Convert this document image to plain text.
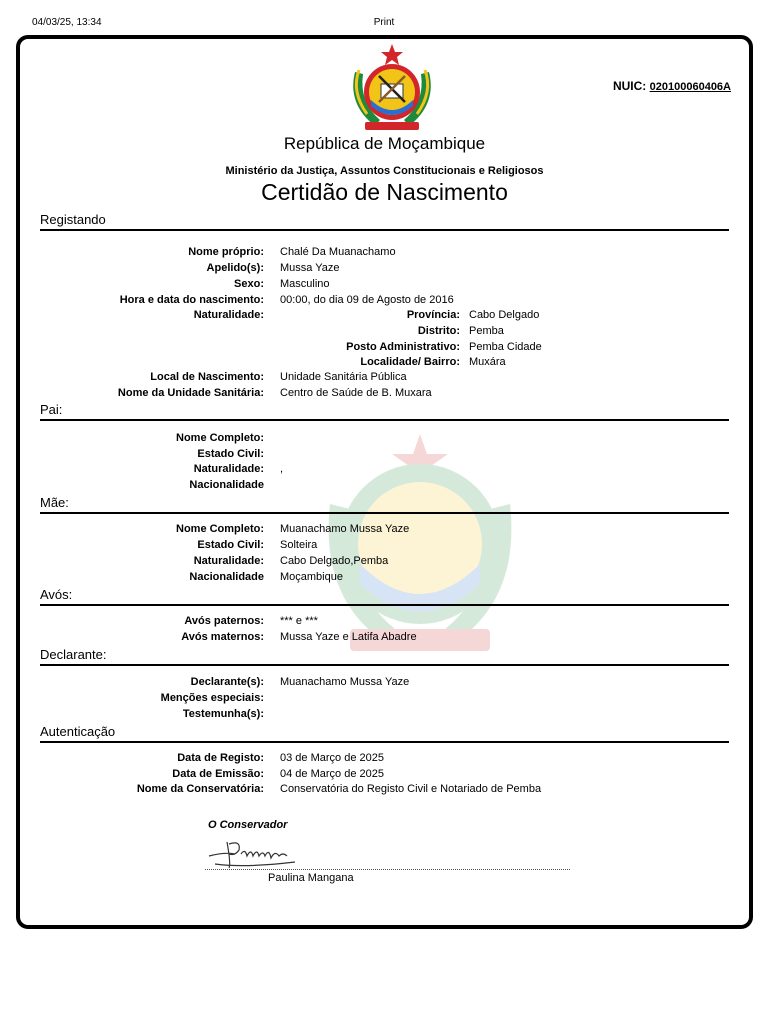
04/03/25, 13:34	Print
NUIC: 020100060406A
República de Moçambique
Ministério da Justiça, Assuntos Constitucionais e Religiosos
Certidão de Nascimento
Registando
Nome próprio: Chalé Da Muanachamo
Apelido(s): Mussa Yaze
Sexo: Masculino
Hora e data do nascimento: 00:00, do dia 09 de Agosto de 2016
Naturalidade:	Província: Cabo Delgado
Distrito: Pemba
Posto Administrativo: Pemba Cidade
Localidade/ Bairro: Muxára
Local de Nascimento: Unidade Sanitária Pública
Nome da Unidade Sanitária: Centro de Saúde de B. Muxara
Pai:
Nome Completo:
Estado Civil:
Naturalidade: ,
Nacionalidade
Mãe:
Nome Completo: Muanachamo Mussa Yaze
Estado Civil: Solteira
Naturalidade: Cabo Delgado,Pemba
Nacionalidade Moçambique
Avós:
Avós paternos: *** e ***
Avós maternos: Mussa Yaze e Latifa Abadre
Declarante:
Declarante(s): Muanachamo Mussa Yaze
Menções especiais:
Testemunha(s):
Autenticação
Data de Registo: 03 de Março de 2025
Data de Emissão: 04 de Março de 2025
Nome da Conservatória: Conservatória do Registo Civil e Notariado de Pemba
O Conservador
Paulina Mangana
